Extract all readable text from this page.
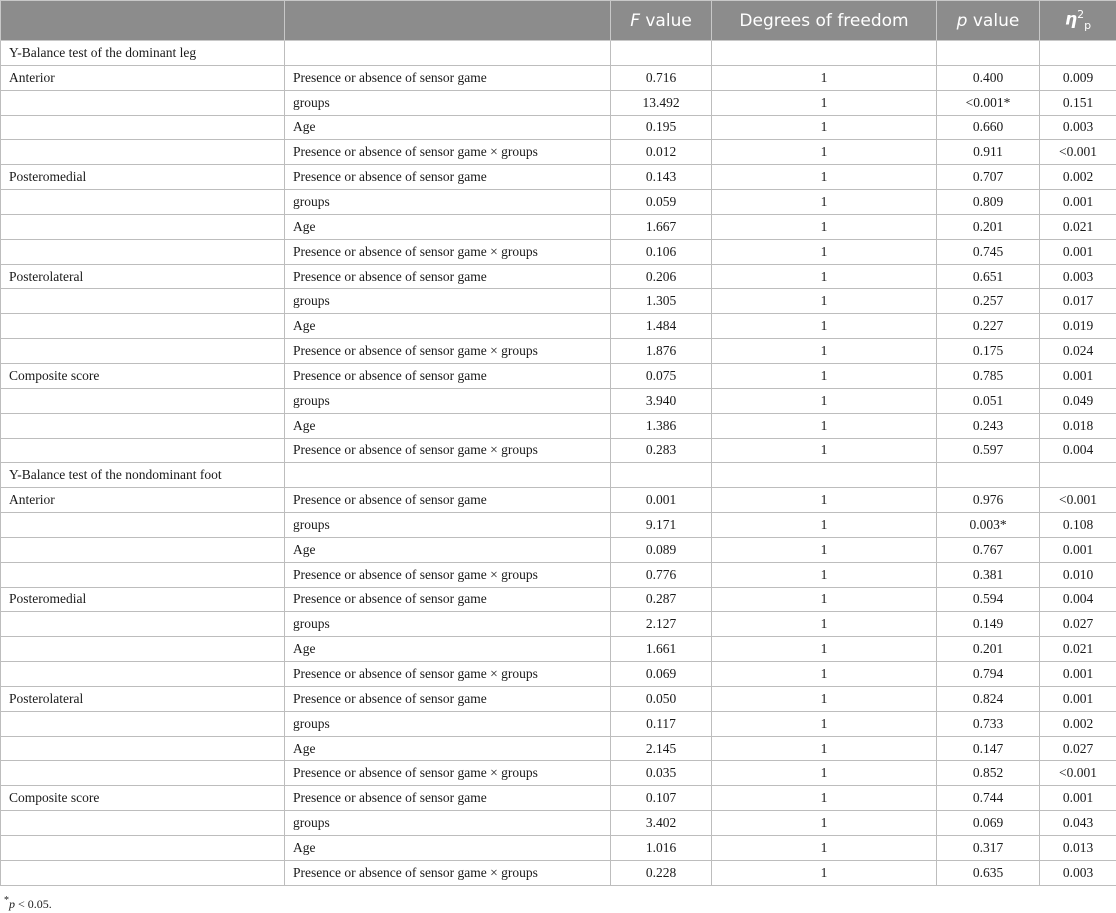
		F value	Degrees of freedom	p value	$\eta^2_p$
Y-Balance test of the dominant leg					
Anterior	Presence or absence of sensor game	0.716	1	0.400	0.009
	groups	13.492	1	<0.001*	0.151
	Age	0.195	1	0.660	0.003
	Presence or absence of sensor game × groups	0.012	1	0.911	<0.001
Posteromedial	Presence or absence of sensor game	0.143	1	0.707	0.002
	groups	0.059	1	0.809	0.001
	Age	1.667	1	0.201	0.021
	Presence or absence of sensor game × groups	0.106	1	0.745	0.001
Posterolateral	Presence or absence of sensor game	0.206	1	0.651	0.003
	groups	1.305	1	0.257	0.017
	Age	1.484	1	0.227	0.019
	Presence or absence of sensor game × groups	1.876	1	0.175	0.024
Composite score	Presence or absence of sensor game	0.075	1	0.785	0.001
	groups	3.940	1	0.051	0.049
	Age	1.386	1	0.243	0.018
	Presence or absence of sensor game × groups	0.283	1	0.597	0.004
Y-Balance test of the nondominant foot					
Anterior	Presence or absence of sensor game	0.001	1	0.976	<0.001
	groups	9.171	1	0.003*	0.108
	Age	0.089	1	0.767	0.001
	Presence or absence of sensor game × groups	0.776	1	0.381	0.010
Posteromedial	Presence or absence of sensor game	0.287	1	0.594	0.004
	groups	2.127	1	0.149	0.027
	Age	1.661	1	0.201	0.021
	Presence or absence of sensor game × groups	0.069	1	0.794	0.001
Posterolateral	Presence or absence of sensor game	0.050	1	0.824	0.001
	groups	0.117	1	0.733	0.002
	Age	2.145	1	0.147	0.027
	Presence or absence of sensor game × groups	0.035	1	0.852	<0.001
Composite score	Presence or absence of sensor game	0.107	1	0.744	0.001
	groups	3.402	1	0.069	0.043
	Age	1.016	1	0.317	0.013
	Presence or absence of sensor game × groups	0.228	1	0.635	0.003
*p < 0.05.
